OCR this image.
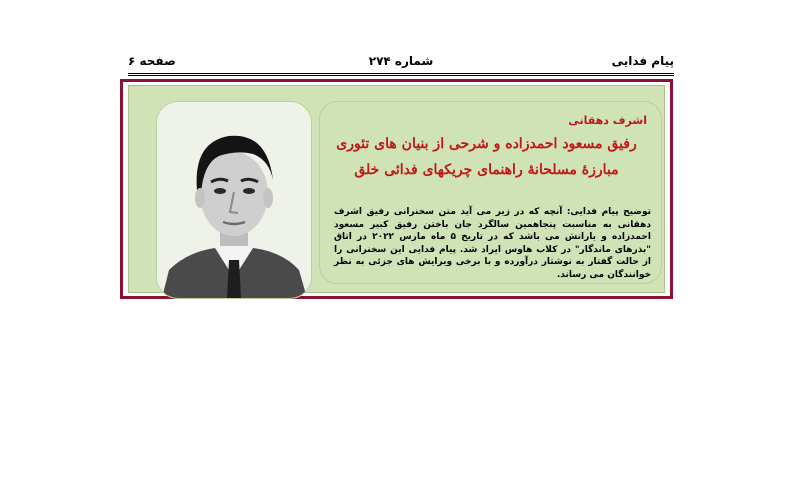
پیام فدایی
شماره ۲۷۴
صفحه ۶
اشرف دهقانی
رفیق مسعود احمدزاده و شرحی از بنیان های تئوری
مبارزهٔ مسلحانهٔ راهنمای چریکهای فدائی خلق
توضیح پیام فدایی: آنچه که در زیر می آید متن سخنرانی رفیق اشرف دهقانی به مناسبت پنجاهمین سالگرد جان باختن رفیق کبیر مسعود احمدزاده و یارانش می باشد که در تاریخ ۵ ماه مارس ۲۰۲۲ در اتاق "بذرهای ماندگار" در کلاب هاوس ایراد شد. پیام فدایی این سخنرانی را از حالت گفتار به نوشتار درآورده و با برخی ویرایش های جزئی به نظر خوانندگان می رساند.
